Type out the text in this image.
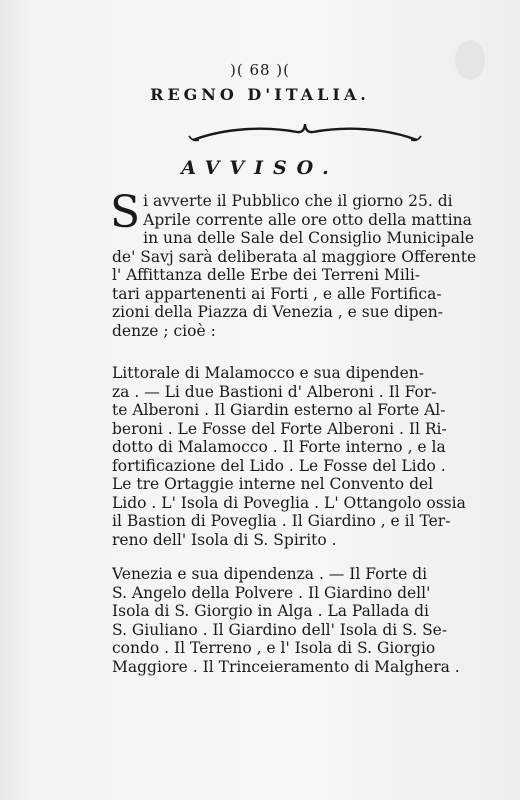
)( 68 )(
REGNO D'ITALIA.
AVVISO.
S i avverte il Pubblico che il giorno 25. di
Aprile corrente alle ore otto della mattina
in una delle Sale del Consiglio Municipale
de' Savj sarà deliberata al maggiore Offerente
l' Affittanza delle Erbe dei Terreni Mili-
tari appartenenti ai Forti , e alle Fortifica-
zioni della Piazza di Venezia , e sue dipen-
denze ; cioè :
Littorale di Malamocco e sua dipenden-
za . — Li due Bastioni d' Alberoni . Il For-
te Alberoni . Il Giardin esterno al Forte Al-
beroni . Le Fosse del Forte Alberoni . Il Ri-
dotto di Malamocco . Il Forte interno , e la
fortificazione del Lido . Le Fosse del Lido .
Le tre Ortaggie interne nel Convento del
Lido . L' Isola di Poveglia . L' Ottangolo ossia
il Bastion di Poveglia . Il Giardino , e il Ter-
reno dell' Isola di S. Spirito .
Venezia e sua dipendenza . — Il Forte di
S. Angelo della Polvere . Il Giardino dell'
Isola di S. Giorgio in Alga . La Pallada di
S. Giuliano . Il Giardino dell' Isola di S. Se-
condo . Il Terreno , e l' Isola di S. Giorgio
Maggiore . Il Trinceieramento di Malghera .
